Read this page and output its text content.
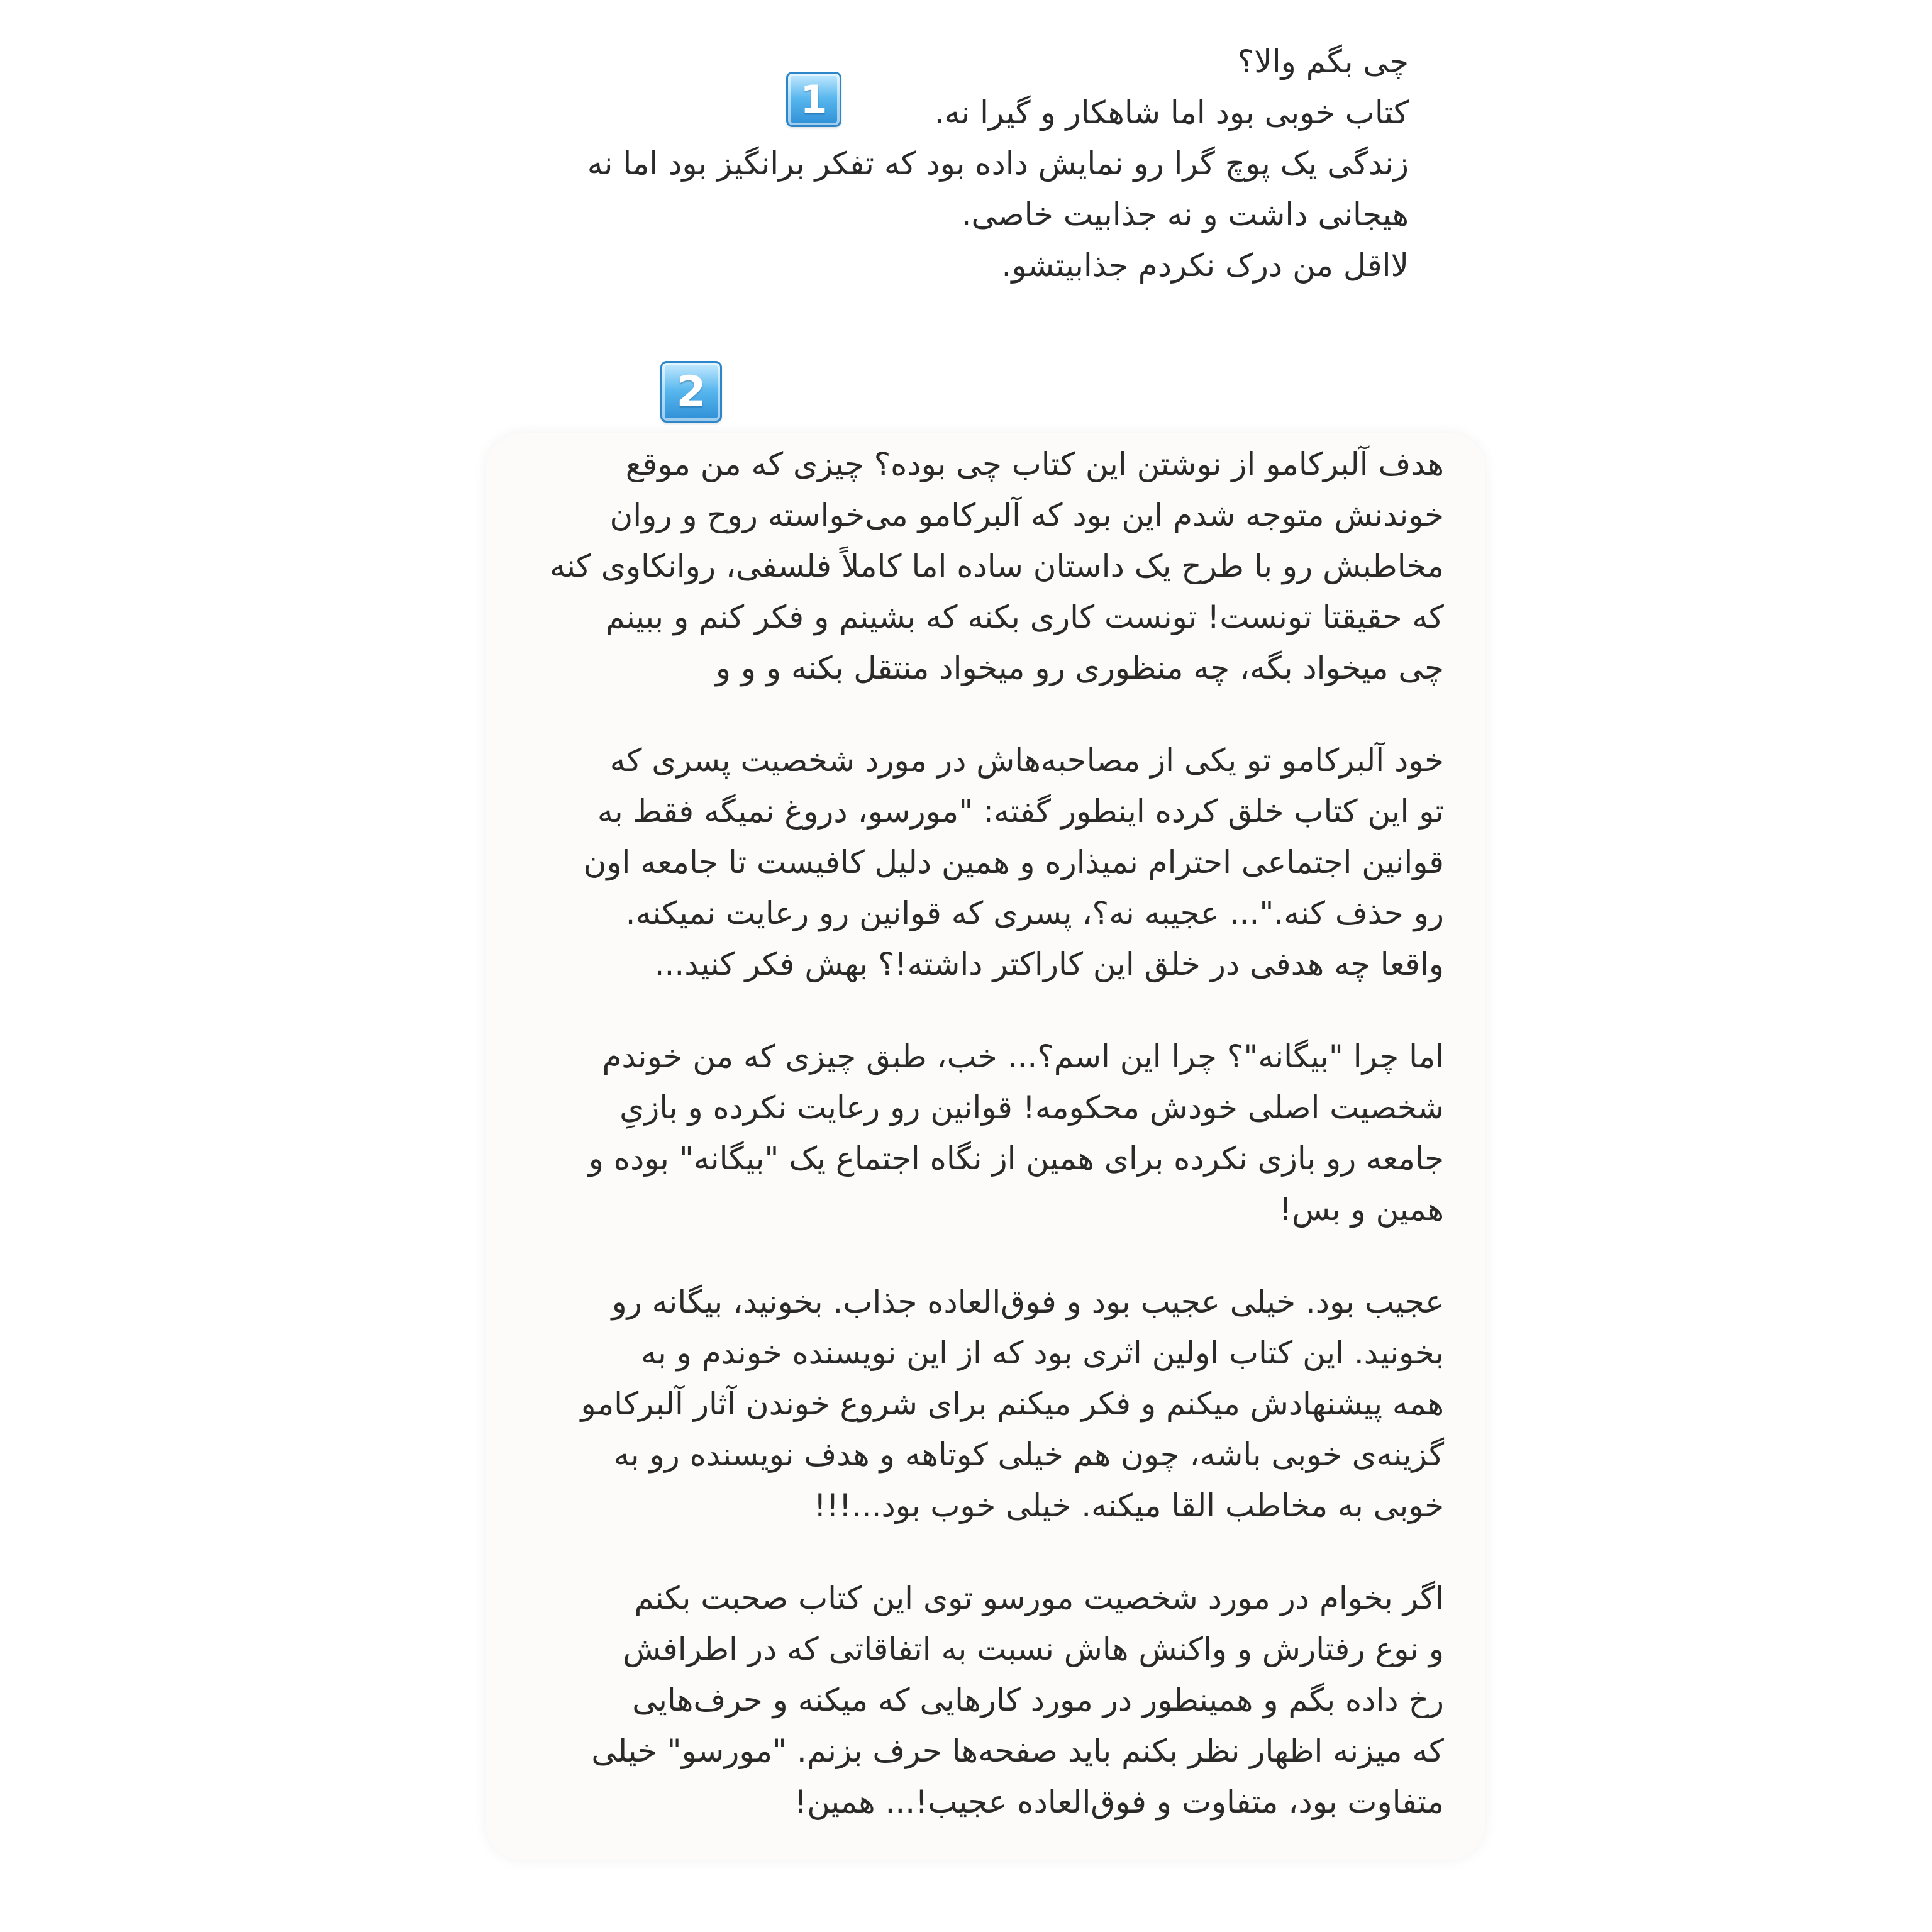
چی بگم والا؟

کتاب خوبی بود اما شاهکار و گیرا نه.

زندگی یک پوچ گرا رو نمایش داده بود که تفکر برانگیز بود اما نه

هیجانی داشت و نه جذابیت خاصی.

لااقل من درک نکردم جذابیتشو.

1
2

هدف آلبرکامو از نوشتن این کتاب چی بوده؟ چیزی که من موقع
خوندنش متوجه شدم این بود که آلبرکامو می‌خواسته روح و روان
مخاطبش رو با طرح یک داستان ساده اما کاملاً فلسفی، روانکاوی کنه
که حقیقتا تونست! تونست کاری بکنه که بشینم و فکر کنم و ببینم
چی میخواد بگه، چه منظوری رو میخواد منتقل بکنه و و و

خود آلبرکامو تو یکی از مصاحبه‌هاش در مورد شخصیت پسری که
تو این کتاب خلق کرده اینطور گفته: "مورسو، دروغ نمیگه فقط به
قوانین اجتماعی احترام نمیذاره و همین دلیل کافیست تا جامعه اون
رو حذف کنه."... عجیبه نه؟، پسری که قوانین رو رعایت نمیکنه.
واقعا چه هدفی در خلق این کاراکتر داشته!؟ بهش فکر کنید...

اما چرا "بیگانه"؟ چرا این اسم؟... خب، طبق چیزی که من خوندم
شخصیت اصلی خودش محکومه! قوانین رو رعایت نکرده و بازیِ
جامعه رو بازی نکرده برای همین از نگاه اجتماع یک "بیگانه" بوده و
همین و بس!

عجیب بود. خیلی عجیب بود و فوق‌العاده جذاب. بخونید، بیگانه رو
بخونید. این کتاب اولین اثری بود که از این نویسنده خوندم و به
همه پیشنهادش میکنم و فکر میکنم برای شروع خوندن آثار آلبرکامو
گزینه‌ی خوبی باشه، چون هم خیلی کوتاهه و هدف نویسنده رو به
خوبی به مخاطب القا میکنه. خیلی خوب بود...!!!

اگر بخوام در مورد شخصیت مورسو توی این کتاب صحبت بکنم
و نوع رفتارش و واکنش هاش نسبت به اتفاقاتی که در اطرافش
رخ داده بگم و همینطور در مورد کارهایی که میکنه و حرف‌هایی
که میزنه اظهار نظر بکنم باید صفحه‌ها حرف بزنم. "مورسو" خیلی
متفاوت بود، متفاوت و فوق‌العاده عجیب!... همین!
